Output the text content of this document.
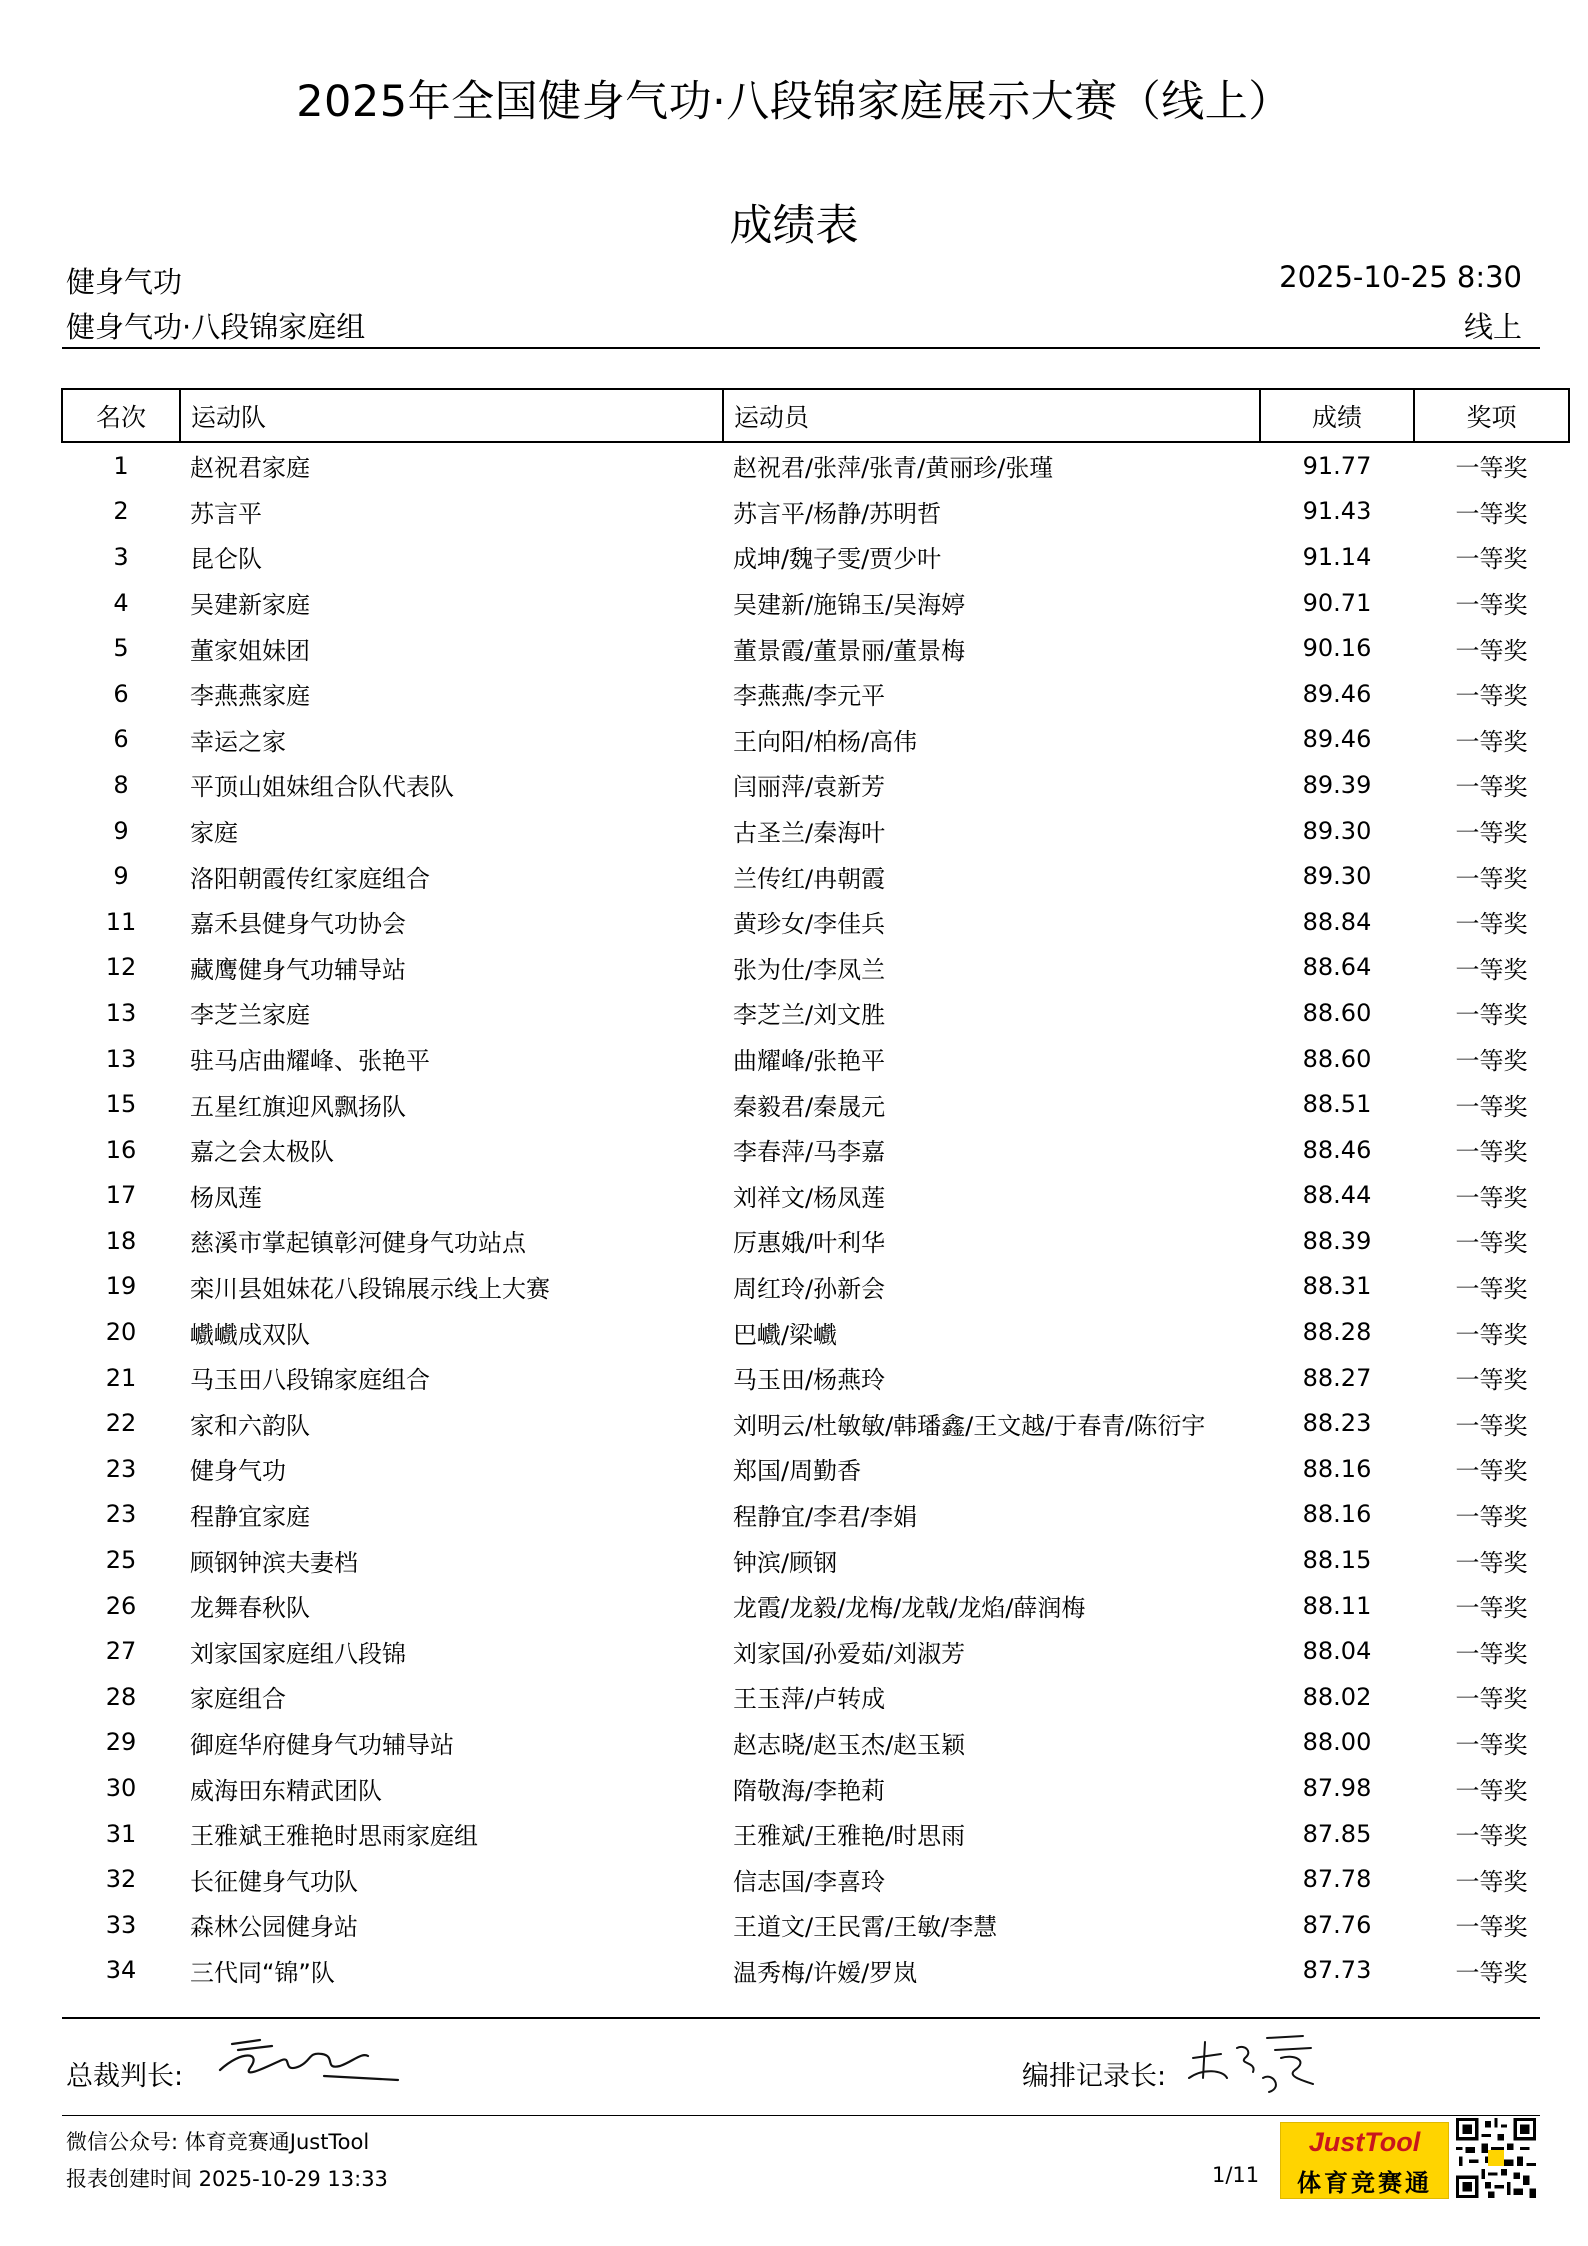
2025年全国健身气功·八段锦家庭展示大赛（线上）
成绩表
健身气功	2025-10-25 8:30
健身气功·八段锦家庭组	线上
名次	运动队	运动员	成绩	奖项
1	赵祝君家庭	赵祝君/张萍/张青/黄丽珍/张瑾	91.77	一等奖
2	苏言平	苏言平/杨静/苏明哲	91.43	一等奖
3	昆仑队	成坤/魏子雯/贾少叶	91.14	一等奖
4	吴建新家庭	吴建新/施锦玉/吴海婷	90.71	一等奖
5	董家姐妹团	董景霞/董景丽/董景梅	90.16	一等奖
6	李燕燕家庭	李燕燕/李元平	89.46	一等奖
6	幸运之家	王向阳/柏杨/高伟	89.46	一等奖
8	平顶山姐妹组合队代表队	闫丽萍/袁新芳	89.39	一等奖
9	家庭	古圣兰/秦海叶	89.30	一等奖
9	洛阳朝霞传红家庭组合	兰传红/冉朝霞	89.30	一等奖
11	嘉禾县健身气功协会	黄珍女/李佳兵	88.84	一等奖
12	藏鹰健身气功辅导站	张为仕/李凤兰	88.64	一等奖
13	李芝兰家庭	李芝兰/刘文胜	88.60	一等奖
13	驻马店曲耀峰、张艳平	曲耀峰/张艳平	88.60	一等奖
15	五星红旗迎风飘扬队	秦毅君/秦晟元	88.51	一等奖
16	嘉之会太极队	李春萍/马李嘉	88.46	一等奖
17	杨凤莲	刘祥文/杨凤莲	88.44	一等奖
18	慈溪市掌起镇彰河健身气功站点	厉惠娥/叶利华	88.39	一等奖
19	栾川县姐妹花八段锦展示线上大赛	周红玲/孙新会	88.31	一等奖
20	巇巇成双队	巴巇/梁巇	88.28	一等奖
21	马玉田八段锦家庭组合	马玉田/杨燕玲	88.27	一等奖
22	家和六韵队	刘明云/杜敏敏/韩璠鑫/王文越/于春青/陈衍宇	88.23	一等奖
23	健身气功	郑国/周勤香	88.16	一等奖
23	程静宜家庭	程静宜/李君/李娟	88.16	一等奖
25	顾钢钟滨夫妻档	钟滨/顾钢	88.15	一等奖
26	龙舞春秋队	龙霞/龙毅/龙梅/龙戟/龙焰/薛润梅	88.11	一等奖
27	刘家国家庭组八段锦	刘家国/孙爱茹/刘淑芳	88.04	一等奖
28	家庭组合	王玉萍/卢转成	88.02	一等奖
29	御庭华府健身气功辅导站	赵志晓/赵玉杰/赵玉颖	88.00	一等奖
30	威海田东精武团队	隋敬海/李艳莉	87.98	一等奖
31	王雅斌王雅艳时思雨家庭组	王雅斌/王雅艳/时思雨	87.85	一等奖
32	长征健身气功队	信志国/李喜玲	87.78	一等奖
33	森林公园健身站	王道文/王民霄/王敏/李慧	87.76	一等奖
34	三代同“锦”队	温秀梅/许嫒/罗岚	87.73	一等奖
总裁判长:	编排记录长:
微信公众号: 体育竞赛通JustTool
报表创建时间 2025-10-29 13:33	1/11
JustTool
体育竞赛通
